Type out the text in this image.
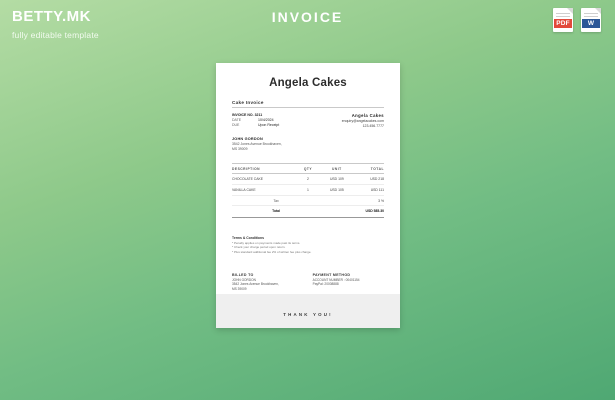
BETTY.MK
fully editable template
INVOICE	PDF	W
Angela Cakes
Cake Invoice
INVOICE NO. 3211
DATE	10/4/2024
DUE	Upon Receipt
Angela Cakes
enquiry@angelacakes.com
123.456.7777
JOHN GORDON
3542 Jones Avenue Brookhaven,
MS 39009
DESCRIPTION	QTY	UNIT	TOTAL
CHOCOLATE CAKE	2	USD 109	USD 218
VANILLA CAKE	1	USD 105	USD 111
Tax	3 %
Total	USD 585.30
Terms & Conditions
* Penalty applies on payments made past its terms.
* Check your charge period upon return.
* Plus standard additional fee 2% of written fee plus charge.
BILLED TO
JOHN GORDON
3542 Jones Avenue Brookhaven,
MS 39009
PAYMENT METHOD
ACCOUNT NUMBER : 00401154
PayPal: 20008888
THANK YOU!
